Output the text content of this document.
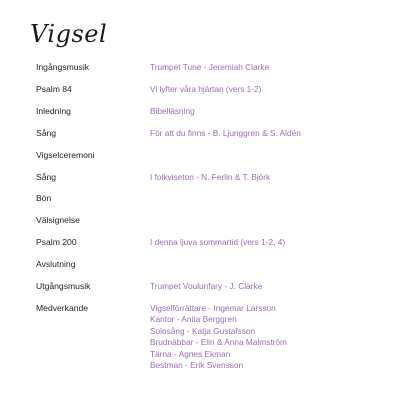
Vigsel
Ingångsmusik	Trumpet Tune - Jeremiah Clarke
Psalm 84	Vi lyfter våra hjärtan (vers 1-2)
Inledning	Bibelläsning
Sång	För att du finns - B. Ljunggren & S. Aldén
Vigselceremoni
Sång	I folkviseton - N. Ferlin & T. Björk
Bön
Välsignelse
Psalm 200	I denna ljuva sommartid (vers 1-2, 4)
Avslutning
Utgångsmusik	Trumpet Voulunfary - J. Clarke
Medverkande	Vigselförrättare - Ingemar Larsson
Kantor - Anita Berggren
Solosång - Katja Gustafsson
Brudnäbbar - Elin & Anna Malmström
Tärna - Agnes Ekman
Bestman - Erik Svensson
